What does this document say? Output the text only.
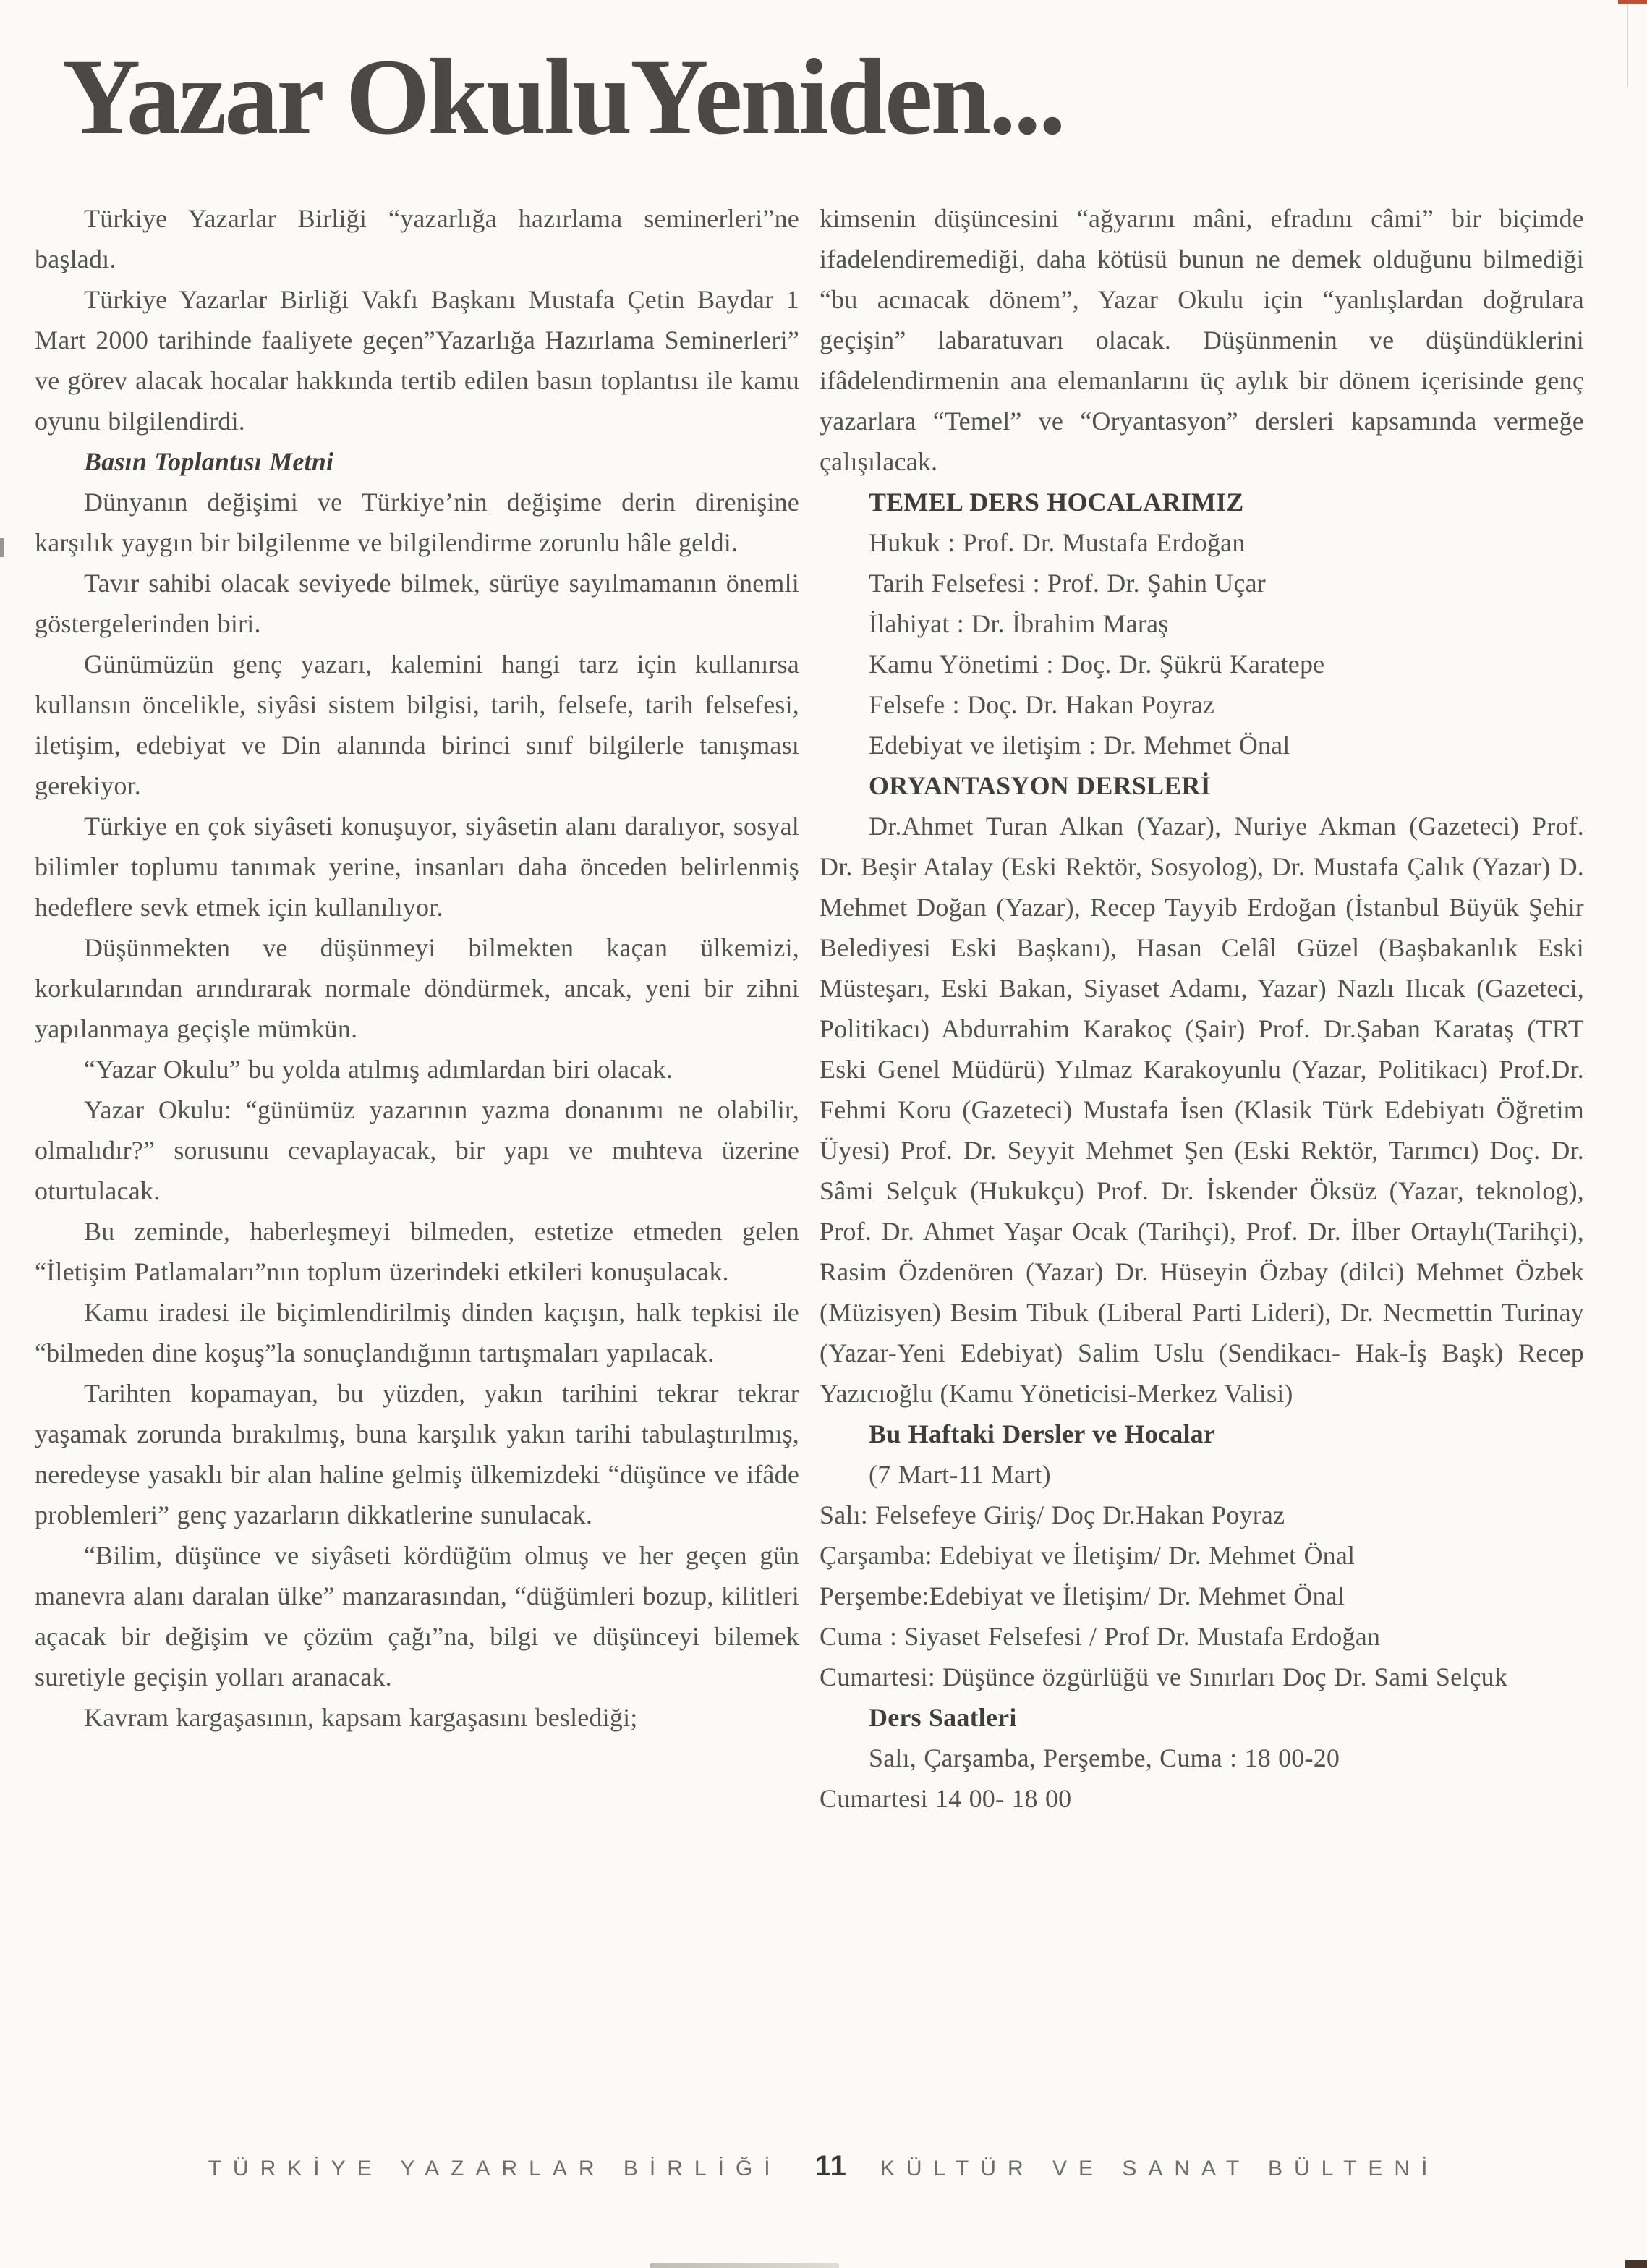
Yazar OkuluYeniden...

Türkiye Yazarlar Birliği “yazarlığa hazırlama seminerleri”ne başladı.

Türkiye Yazarlar Birliği Vakfı Başkanı Mustafa Çetin Baydar 1 Mart 2000 tarihinde faaliyete geçen”Yazarlığa Hazırlama Seminerleri” ve görev alacak hocalar hakkında tertib edilen basın toplantısı ile kamu oyunu bilgilendirdi.

Basın Toplantısı Metni

Dünyanın değişimi ve Türkiye’nin değişime derin direnişine karşılık yaygın bir bilgilenme ve bilgilendirme zorunlu hâle geldi.

Tavır sahibi olacak seviyede bilmek, sürüye sayılmamanın önemli göstergelerinden biri.

Günümüzün genç yazarı, kalemini hangi tarz için kullanırsa kullansın öncelikle, siyâsi sistem bilgisi, tarih, felsefe, tarih felsefesi, iletişim, edebiyat ve Din alanında birinci sınıf bilgilerle tanışması gerekiyor.

Türkiye en çok siyâseti konuşuyor, siyâsetin alanı daralıyor, sosyal bilimler toplumu tanımak yerine, insanları daha önceden belirlenmiş hedeflere sevk etmek için kullanılıyor.

Düşünmekten ve düşünmeyi bilmekten kaçan ülkemizi, korkularından arındırarak normale döndürmek, ancak, yeni bir zihni yapılanmaya geçişle mümkün.

“Yazar Okulu” bu yolda atılmış adımlardan biri olacak.

Yazar Okulu: “günümüz yazarının yazma donanımı ne olabilir, olmalıdır?” sorusunu cevaplayacak, bir yapı ve muhteva üzerine oturtulacak.

Bu zeminde, haberleşmeyi bilmeden, estetize etmeden gelen “İletişim Patlamaları”nın toplum üzerindeki etkileri konuşulacak.

Kamu iradesi ile biçimlendirilmiş dinden kaçışın, halk tepkisi ile “bilmeden dine koşuş”la sonuçlandığının tartışmaları yapılacak.

Tarihten kopamayan, bu yüzden, yakın tarihini tekrar tekrar yaşamak zorunda bırakılmış, buna karşılık yakın tarihi tabulaştırılmış, neredeyse yasaklı bir alan haline gelmiş ülkemizdeki “düşünce ve ifâde problemleri” genç yazarların dikkatlerine sunulacak.

“Bilim, düşünce ve siyâseti kördüğüm olmuş ve her geçen gün manevra alanı daralan ülke” manzarasından, “düğümleri bozup, kilitleri açacak bir değişim ve çözüm çağı”na, bilgi ve düşünceyi bilemek suretiyle geçişin yolları aranacak.

Kavram kargaşasının, kapsam kargaşasını beslediği;

kimsenin düşüncesini “ağyarını mâni, efradını câmi” bir biçimde ifadelendiremediği, daha kötüsü bunun ne demek olduğunu bilmediği “bu acınacak dönem”, Yazar Okulu için “yanlışlardan doğrulara geçişin” labaratuvarı olacak. Düşünmenin ve düşündüklerini ifâdelendirmenin ana elemanlarını üç aylık bir dönem içerisinde genç yazarlara “Temel” ve “Oryantasyon” dersleri kapsamında vermeğe çalışılacak.

TEMEL DERS HOCALARIMIZ

Hukuk : Prof. Dr. Mustafa Erdoğan

Tarih Felsefesi : Prof. Dr. Şahin Uçar

İlahiyat : Dr. İbrahim Maraş

Kamu Yönetimi : Doç. Dr. Şükrü Karatepe

Felsefe : Doç. Dr. Hakan Poyraz

Edebiyat ve iletişim : Dr. Mehmet Önal

ORYANTASYON DERSLERİ

Dr.Ahmet Turan Alkan (Yazar), Nuriye Akman (Gazeteci) Prof. Dr. Beşir Atalay (Eski Rektör, Sosyolog), Dr. Mustafa Çalık (Yazar) D. Mehmet Doğan (Yazar), Recep Tayyib Erdoğan (İstanbul Büyük Şehir Belediyesi Eski Başkanı), Hasan Celâl Güzel (Başbakanlık Eski Müsteşarı, Eski Bakan, Siyaset Adamı, Yazar) Nazlı Ilıcak (Gazeteci, Politikacı) Abdurrahim Karakoç (Şair) Prof. Dr.Şaban Karataş (TRT Eski Genel Müdürü) Yılmaz Karakoyunlu (Yazar, Politikacı) Prof.Dr. Fehmi Koru (Gazeteci) Mustafa İsen (Klasik Türk Edebiyatı Öğretim Üyesi) Prof. Dr. Seyyit Mehmet Şen (Eski Rektör, Tarımcı) Doç. Dr. Sâmi Selçuk (Hukukçu) Prof. Dr. İskender Öksüz (Yazar, teknolog), Prof. Dr. Ahmet Yaşar Ocak (Tarihçi), Prof. Dr. İlber Ortaylı(Tarihçi), Rasim Özdenören (Yazar) Dr. Hüseyin Özbay (dilci) Mehmet Özbek (Müzisyen) Besim Tibuk (Liberal Parti Lideri), Dr. Necmettin Turinay (Yazar-Yeni Edebiyat) Salim Uslu (Sendikacı- Hak-İş Başk) Recep Yazıcıoğlu (Kamu Yöneticisi-Merkez Valisi)

Bu Haftaki Dersler ve Hocalar

(7 Mart-11 Mart)

Salı: Felsefeye Giriş/ Doç Dr.Hakan Poyraz

Çarşamba: Edebiyat ve İletişim/ Dr. Mehmet Önal

Perşembe:Edebiyat ve İletişim/ Dr. Mehmet Önal

Cuma : Siyaset Felsefesi / Prof Dr. Mustafa Erdoğan

Cumartesi: Düşünce özgürlüğü ve Sınırları Doç Dr. Sami Selçuk

Ders Saatleri

Salı, Çarşamba, Perşembe, Cuma : 18 00-20

Cumartesi 14 00- 18 00

TÜRKİYE YAZARLAR BİRLİĞİ 11 KÜLTÜR VE SANAT BÜLTENİ
